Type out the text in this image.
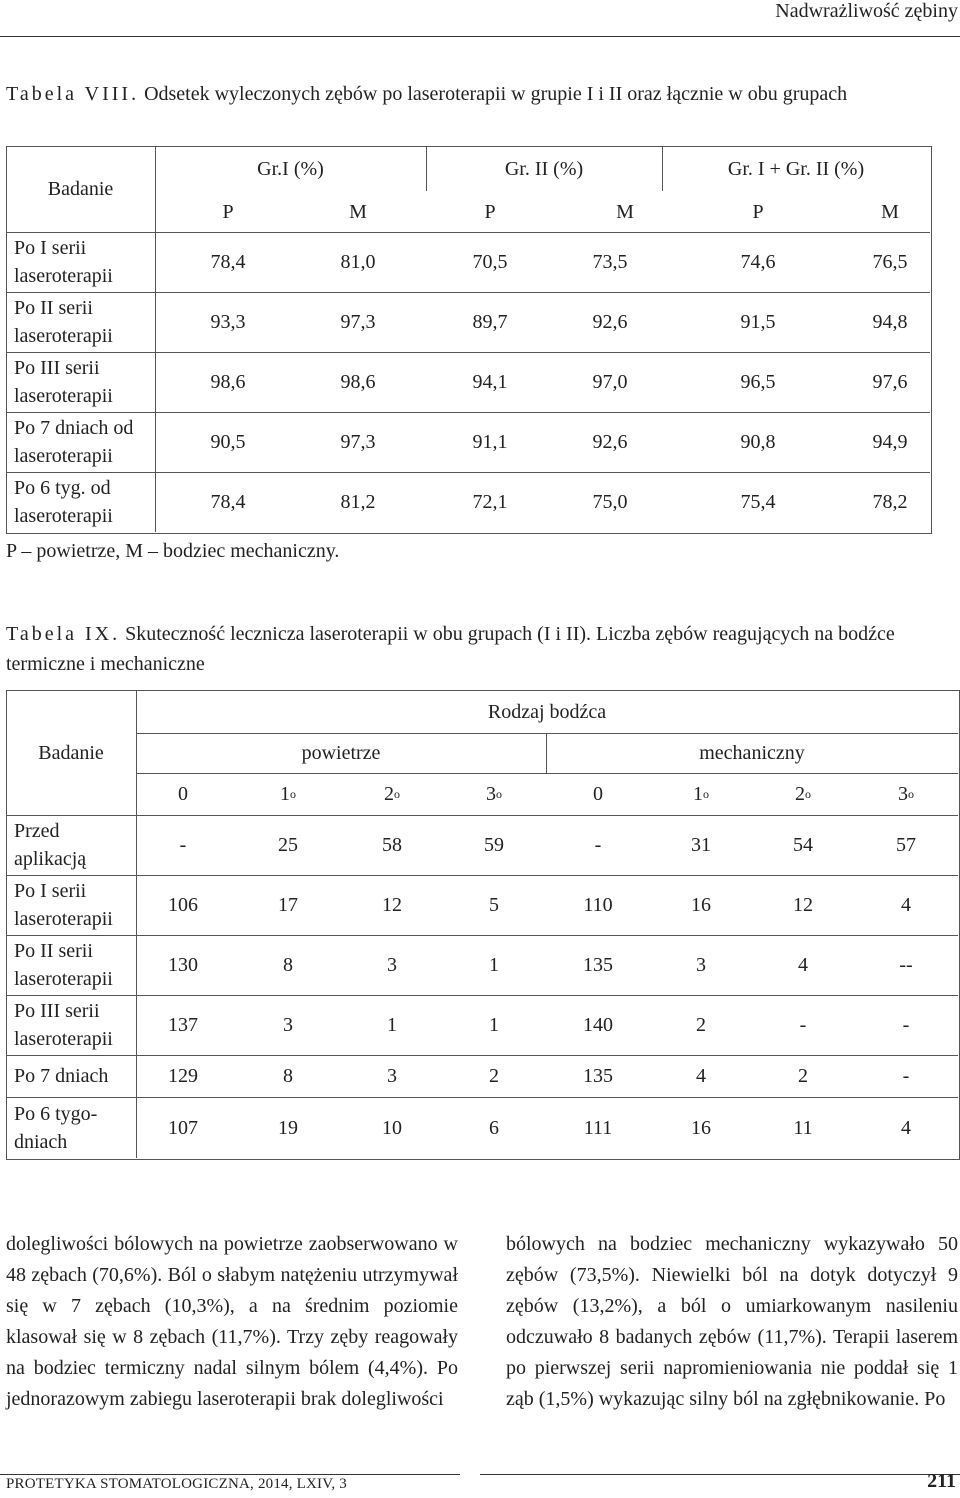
Nadwrażliwość zębiny
Tabela VIII. Odsetek wyleczonych zębów po laseroterapii w grupie I i II oraz łącznie w obu grupach
Badanie
Gr.I (%)	Gr. II (%)	Gr. I + Gr. II (%)
P	M	P	M	P	M
Po I serii
laseroterapii
78,4	81,0	70,5	73,5	74,6	76,5
Po II serii
laseroterapii
93,3	97,3	89,7	92,6	91,5	94,8
Po III serii
laseroterapii
98,6	98,6	94,1	97,0	96,5	97,6
Po 7 dniach od
laseroterapii
90,5	97,3	91,1	92,6	90,8	94,9
Po 6 tyg. od
laseroterapii
78,4	81,2	72,1	75,0	75,4	78,2
P – powietrze, M – bodziec mechaniczny.
Tabela IX. Skuteczność lecznicza laseroterapii w obu grupach (I i II). Liczba zębów reagujących na bodźce termiczne i mechaniczne
Badanie
Rodzaj bodźca
powietrze	mechaniczny
0	1 o	2 o	3 o	0	1 o	2 o	3 o
Przed
aplikacją
-	25	58	59	-	31	54	57
Po I serii
laseroterapii
106	17	12	5	110	16	12	4
Po II serii
laseroterapii
130	8	3	1	135	3	4	--
Po III serii
laseroterapii
137	3	1	1	140	2	-	-
Po 7 dniach	129	8	3	2	135	4	2	-
Po 6 tygo-
dniach
107	19	10	6	111	16	11	4
dolegliwości bólowych na powietrze zaobserwowano w 48 zębach (70,6%). Ból o słabym natężeniu utrzymywał się w 7 zębach (10,3%), a na średnim poziomie klasował się w 8 zębach (11,7%). Trzy zęby reagowały na bodziec termiczny nadal silnym bólem (4,4%). Po jednorazowym zabiegu laseroterapii brak dolegliwości
bólowych na bodziec mechaniczny wykazywało 50 zębów (73,5%). Niewielki ból na dotyk dotyczył 9 zębów (13,2%), a ból o umiarkowanym nasileniu odczuwało 8 badanych zębów (11,7%). Terapii laserem po pierwszej serii napromieniowania nie poddał się 1 ząb (1,5%) wykazując silny ból na zgłębnikowanie. Po
PROTETYKA STOMATOLOGICZNA, 2014, LXIV, 3	211
